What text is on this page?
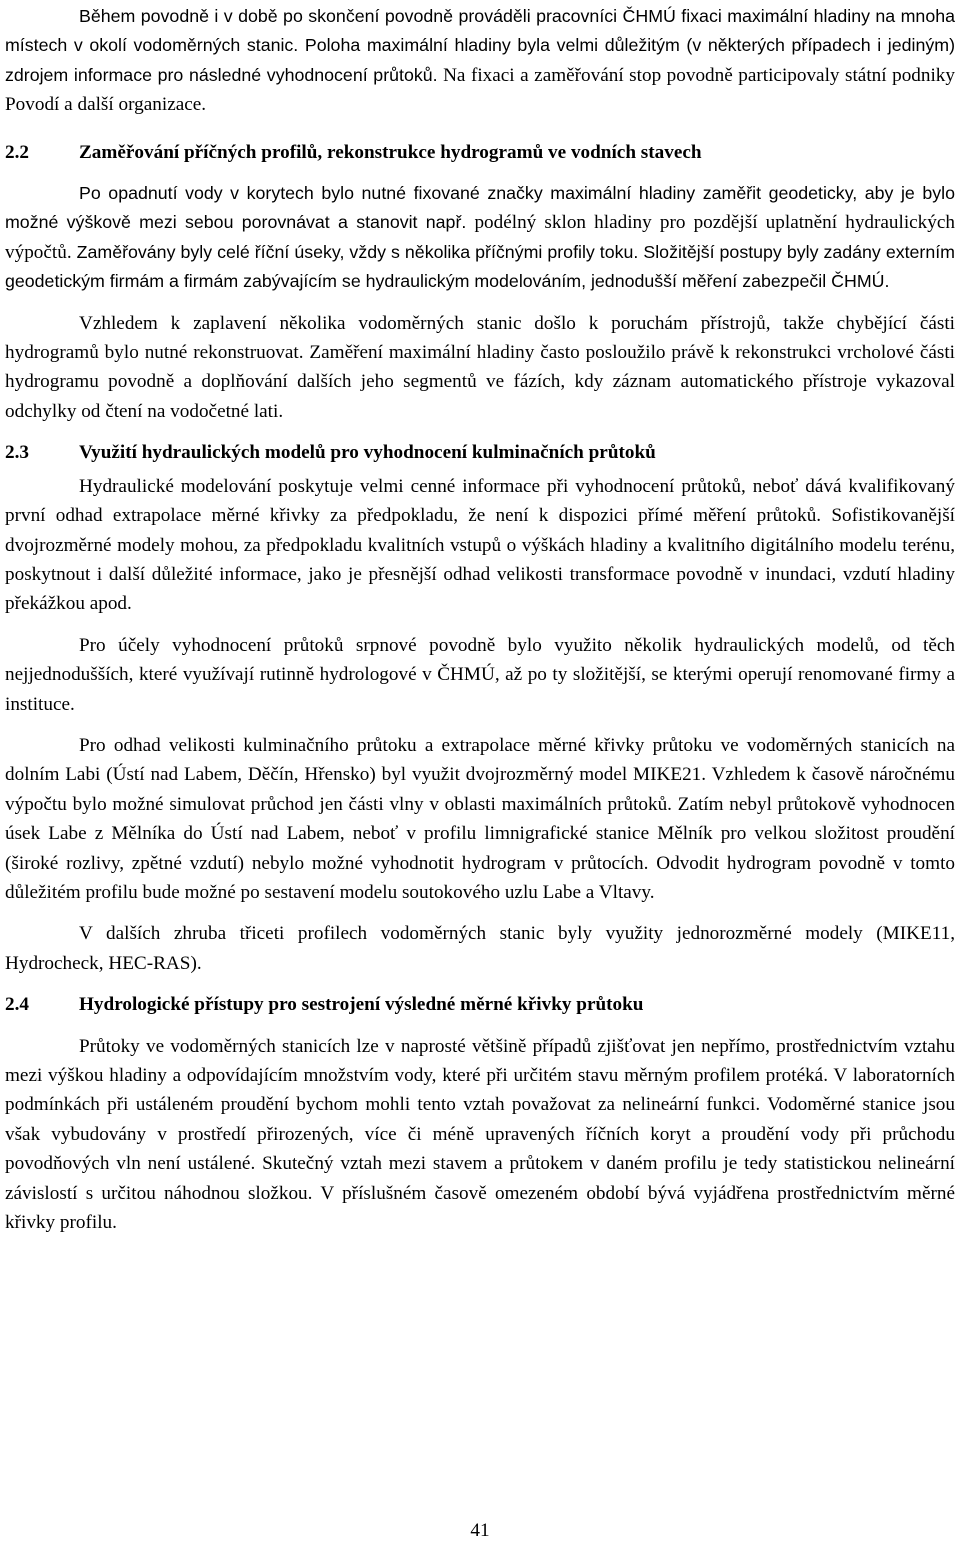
Během povodně i v době po skončení povodně prováděli pracovníci ČHMÚ fixaci maximální hladiny na mnoha místech v okolí vodoměrných stanic. Poloha maximální hladiny byla velmi důležitým (v některých případech i jediným) zdrojem informace pro následné vyhodnocení průtoků. Na fixaci a zaměřování stop povodně participovaly státní podniky Povodí a další organizace.

2.2	Zaměřování příčných profilů, rekonstrukce hydrogramů ve vodních stavech

Po opadnutí vody v korytech bylo nutné fixované značky maximální hladiny zaměřit geodeticky, aby je bylo možné výškově mezi sebou porovnávat a stanovit např. podélný sklon hladiny pro pozdější uplatnění hydraulických výpočtů. Zaměřovány byly celé říční úseky, vždy s několika příčnými profily toku. Složitější postupy byly zadány externím geodetickým firmám a firmám zabývajícím se hydraulickým modelováním, jednodušší měření zabezpečil ČHMÚ.

Vzhledem k zaplavení několika vodoměrných stanic došlo k poruchám přístrojů, takže chybějící části hydrogramů bylo nutné rekonstruovat. Zaměření maximální hladiny často posloužilo právě k rekonstrukci vrcholové části hydrogramu povodně a doplňování dalších jeho segmentů ve fázích, kdy záznam automatického přístroje vykazoval odchylky od čtení na vodočetné lati.

2.3	Využití hydraulických modelů pro vyhodnocení kulminačních průtoků

Hydraulické modelování poskytuje velmi cenné informace při vyhodnocení průtoků, neboť dává kvalifikovaný první odhad extrapolace měrné křivky za předpokladu, že není k dispozici přímé měření průtoků. Sofistikovanější dvojrozměrné modely mohou, za předpokladu kvalitních vstupů o výškách hladiny a kvalitního digitálního modelu terénu, poskytnout i další důležité informace, jako je přesnější odhad velikosti transformace povodně v inundaci, vzdutí hladiny překážkou apod.

Pro účely vyhodnocení průtoků srpnové povodně bylo využito několik hydraulických modelů, od těch nejjednodušších, které využívají rutinně hydrologové v ČHMÚ, až po ty složitější, se kterými operují renomované firmy a instituce.

Pro odhad velikosti kulminačního průtoku a extrapolace měrné křivky průtoku ve vodoměrných stanicích na dolním Labi (Ústí nad Labem, Děčín, Hřensko) byl využit dvojrozměrný model MIKE21. Vzhledem k časově náročnému výpočtu bylo možné simulovat průchod jen části vlny v oblasti maximálních průtoků. Zatím nebyl průtokově vyhodnocen úsek Labe z Mělníka do Ústí nad Labem, neboť v profilu limnigrafické stanice Mělník pro velkou složitost proudění (široké rozlivy, zpětné vzdutí) nebylo možné vyhodnotit hydrogram v průtocích. Odvodit hydrogram povodně v tomto důležitém profilu bude možné po sestavení modelu soutokového uzlu Labe a Vltavy.

V dalších zhruba třiceti profilech vodoměrných stanic byly využity jednorozměrné modely (MIKE11, Hydrocheck, HEC-RAS).

2.4	Hydrologické přístupy pro sestrojení výsledné měrné křivky průtoku

Průtoky ve vodoměrných stanicích lze v naprosté většině případů zjišťovat jen nepřímo, prostřednictvím vztahu mezi výškou hladiny a odpovídajícím množstvím vody, které při určitém stavu měrným profilem protéká. V laboratorních podmínkách při ustáleném proudění bychom mohli tento vztah považovat za nelineární funkci. Vodoměrné stanice jsou však vybudovány v prostředí přirozených, více či méně upravených říčních koryt a proudění vody při průchodu povodňových vln není ustálené. Skutečný vztah mezi stavem a průtokem v daném profilu je tedy statistickou nelineární závislostí s určitou náhodnou složkou. V příslušném časově omezeném období bývá vyjádřena prostřednictvím měrné křivky profilu.

41
